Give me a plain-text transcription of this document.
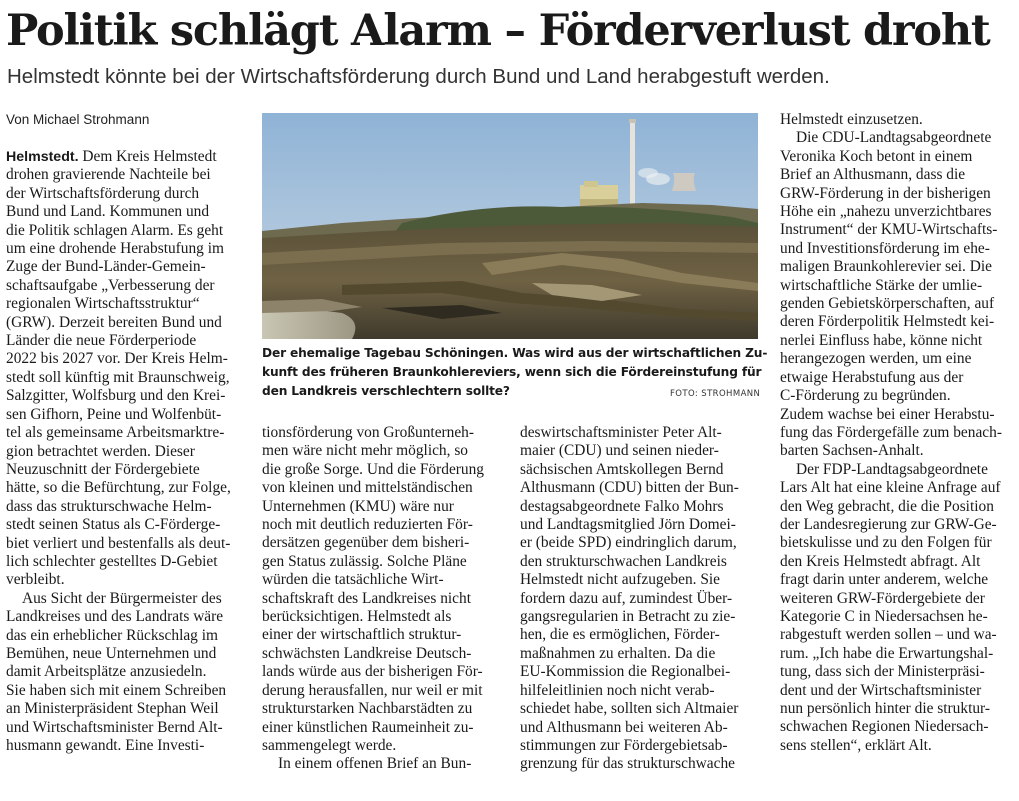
Politik schlägt Alarm – Förderverlust droht
Helmstedt könnte bei der Wirtschaftsförderung durch Bund und Land herabgestuft werden.
Von Michael Strohmann
Der ehemalige Tagebau Schöningen. Was wird aus der wirtschaftlichen Zu-
kunft des früheren Braunkohlereviers, wenn sich die Fördereinstufung für
den Landkreis verschlechtern sollte?	FOTO: STROHMANN
Helmstedt. Dem Kreis Helmstedt
drohen gravierende Nachteile bei
der Wirtschaftsförderung durch
Bund und Land. Kommunen und
die Politik schlagen Alarm. Es geht
um eine drohende Herabstufung im
Zuge der Bund-Länder-Gemein-
schaftsaufgabe „Verbesserung der
regionalen Wirtschaftsstruktur“
(GRW). Derzeit bereiten Bund und
Länder die neue Förderperiode
2022 bis 2027 vor. Der Kreis Helm-
stedt soll künftig mit Braunschweig,
Salzgitter, Wolfsburg und den Krei-
sen Gifhorn, Peine und Wolfenbüt-
tel als gemeinsame Arbeitsmarktre-
gion betrachtet werden. Dieser
Neuzuschnitt der Fördergebiete
hätte, so die Befürchtung, zur Folge,
dass das strukturschwache Helm-
stedt seinen Status als C-Förderge-
biet verliert und bestenfalls als deut-
lich schlechter gestelltes D-Gebiet
verbleibt.
Aus Sicht der Bürgermeister des
Landkreises und des Landrats wäre
das ein erheblicher Rückschlag im
Bemühen, neue Unternehmen und
damit Arbeitsplätze anzusiedeln.
Sie haben sich mit einem Schreiben
an Ministerpräsident Stephan Weil
und Wirtschaftsminister Bernd Alt-
husmann gewandt. Eine Investi-
tionsförderung von Großunterneh-
men wäre nicht mehr möglich, so
die große Sorge. Und die Förderung
von kleinen und mittelständischen
Unternehmen (KMU) wäre nur
noch mit deutlich reduzierten För-
dersätzen gegenüber dem bisheri-
gen Status zulässig. Solche Pläne
würden die tatsächliche Wirt-
schaftskraft des Landkreises nicht
berücksichtigen. Helmstedt als
einer der wirtschaftlich struktur-
schwächsten Landkreise Deutsch-
lands würde aus der bisherigen För-
derung herausfallen, nur weil er mit
strukturstarken Nachbarstädten zu
einer künstlichen Raumeinheit zu-
sammengelegt werde.
In einem offenen Brief an Bun-
deswirtschaftsminister Peter Alt-
maier (CDU) und seinen nieder-
sächsischen Amtskollegen Bernd
Althusmann (CDU) bitten der Bun-
destagsabgeordnete Falko Mohrs
und Landtagsmitglied Jörn Domei-
er (beide SPD) eindringlich darum,
den strukturschwachen Landkreis
Helmstedt nicht aufzugeben. Sie
fordern dazu auf, zumindest Über-
gangsregularien in Betracht zu zie-
hen, die es ermöglichen, Förder-
maßnahmen zu erhalten. Da die
EU-Kommission die Regionalbei-
hilfeleitlinien noch nicht verab-
schiedet habe, sollten sich Altmaier
und Althusmann bei weiteren Ab-
stimmungen zur Fördergebietsab-
grenzung für das strukturschwache
Helmstedt einzusetzen.
Die CDU-Landtagsabgeordnete
Veronika Koch betont in einem
Brief an Althusmann, dass die
GRW-Förderung in der bisherigen
Höhe ein „nahezu unverzichtbares
Instrument“ der KMU-Wirtschafts-
und Investitionsförderung im ehe-
maligen Braunkohlerevier sei. Die
wirtschaftliche Stärke der umlie-
genden Gebietskörperschaften, auf
deren Förderpolitik Helmstedt kei-
nerlei Einfluss habe, könne nicht
herangezogen werden, um eine
etwaige Herabstufung aus der
C-Förderung zu begründen.
Zudem wachse bei einer Herabstu-
fung das Fördergefälle zum benach-
barten Sachsen-Anhalt.
Der FDP-Landtagsabgeordnete
Lars Alt hat eine kleine Anfrage auf
den Weg gebracht, die die Position
der Landesregierung zur GRW-Ge-
bietskulisse und zu den Folgen für
den Kreis Helmstedt abfragt. Alt
fragt darin unter anderem, welche
weiteren GRW-Fördergebiete der
Kategorie C in Niedersachsen he-
rabgestuft werden sollen – und wa-
rum. „Ich habe die Erwartungshal-
tung, dass sich der Ministerpräsi-
dent und der Wirtschaftsminister
nun persönlich hinter die struktur-
schwachen Regionen Niedersach-
sens stellen“, erklärt Alt.
